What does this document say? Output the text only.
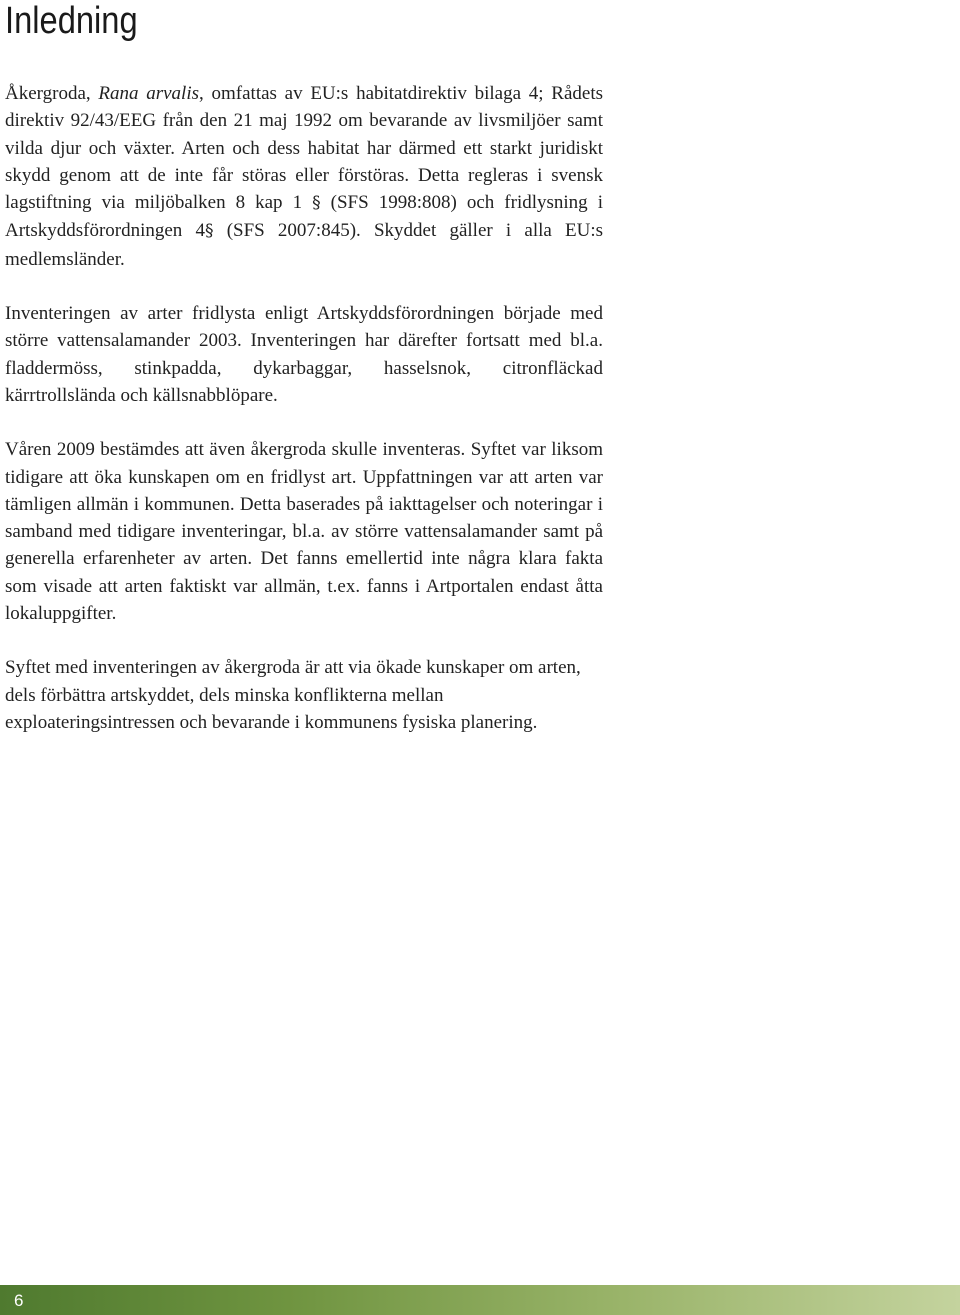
Inledning

Åkergroda, Rana arvalis, omfattas av EU:s habitatdirektiv bilaga 4; Rådets direktiv 92/43/EEG från den 21 maj 1992 om bevarande av livsmiljöer samt vilda djur och växter. Arten och dess habitat har därmed ett starkt juridiskt skydd genom att de inte får störas eller förstöras. Detta regleras i svensk lagstiftning via miljöbalken 8 kap 1 § (SFS 1998:808) och fridlysning i Artskyddsförordningen 4§ (SFS 2007:845). Skyddet gäller i alla EU:s medlemsländer.

Inventeringen av arter fridlysta enligt Artskyddsförordningen började med större vattensalamander 2003. Inventeringen har därefter fortsatt med bl.a. fladdermöss, stinkpadda, dykarbaggar, hasselsnok, citronfläckad kärrtrollslända och källsnabblöpare.

Våren 2009 bestämdes att även åkergroda skulle inventeras. Syftet var liksom tidigare att öka kunskapen om en fridlyst art. Uppfattningen var att arten var tämligen allmän i kommunen. Detta baserades på iakttagelser och noteringar i samband med tidigare inventeringar, bl.a. av större vattensalamander samt på generella erfarenheter av arten. Det fanns emellertid inte några klara fakta som visade att arten faktiskt var allmän, t.ex. fanns i Artportalen endast åtta lokaluppgifter.

Syftet med inventeringen av åkergroda är att via ökade kunskaper om arten, dels förbättra artskyddet, dels minska konflikterna mellan exploateringsintressen och bevarande i kommunens fysiska planering.

6
